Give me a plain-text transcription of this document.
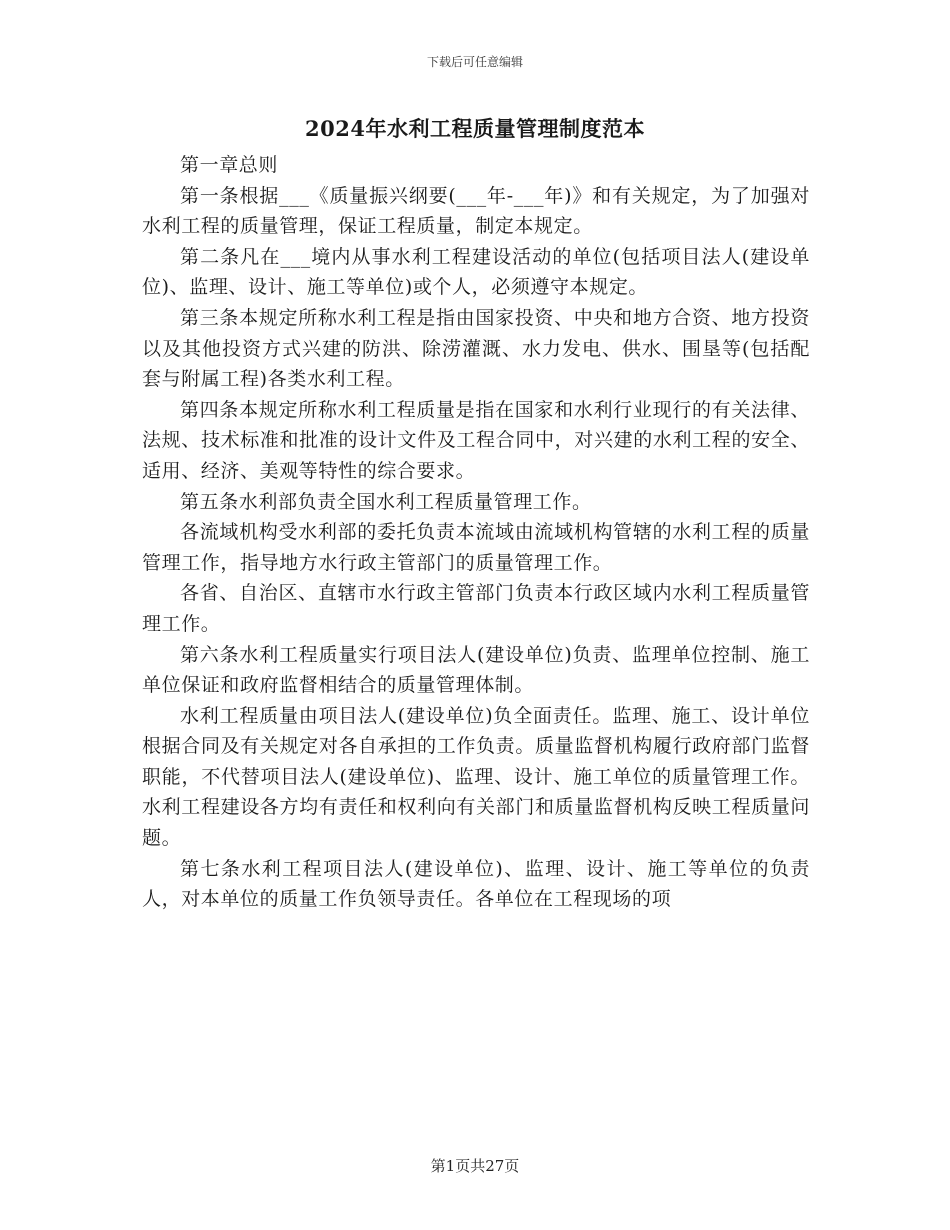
下载后可任意编辑
2024年水利工程质量管理制度范本

第一章总则

第一条根据___《质量振兴纲要(___年-___年)》和有关规定，为了加强对水利工程的质量管理，保证工程质量，制定本规定。

第二条凡在___境内从事水利工程建设活动的单位(包括项目法人(建设单位)、监理、设计、施工等单位)或个人，必须遵守本规定。

第三条本规定所称水利工程是指由国家投资、中央和地方合资、地方投资以及其他投资方式兴建的防洪、除涝灌溉、水力发电、供水、围垦等(包括配套与附属工程)各类水利工程。

第四条本规定所称水利工程质量是指在国家和水利行业现行的有关法律、法规、技术标准和批准的设计文件及工程合同中，对兴建的水利工程的安全、适用、经济、美观等特性的综合要求。

第五条水利部负责全国水利工程质量管理工作。

各流域机构受水利部的委托负责本流域由流域机构管辖的水利工程的质量管理工作，指导地方水行政主管部门的质量管理工作。

各省、自治区、直辖市水行政主管部门负责本行政区域内水利工程质量管理工作。

第六条水利工程质量实行项目法人(建设单位)负责、监理单位控制、施工单位保证和政府监督相结合的质量管理体制。

水利工程质量由项目法人(建设单位)负全面责任。监理、施工、设计单位根据合同及有关规定对各自承担的工作负责。质量监督机构履行政府部门监督职能，不代替项目法人(建设单位)、监理、设计、施工单位的质量管理工作。水利工程建设各方均有责任和权利向有关部门和质量监督机构反映工程质量问题。

第七条水利工程项目法人(建设单位)、监理、设计、施工等单位的负责人，对本单位的质量工作负领导责任。各单位在工程现场的项

第1页共27页
